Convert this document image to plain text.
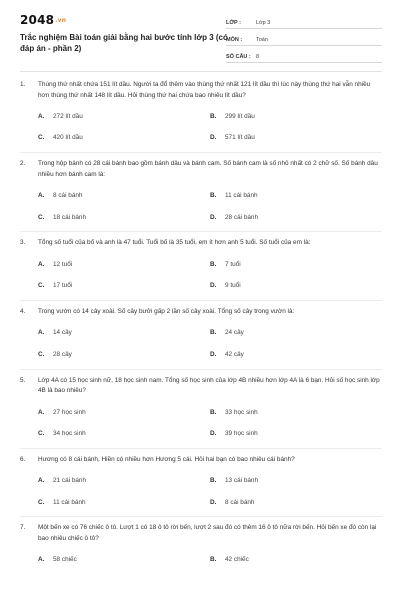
2048.vn
Trắc nghiệm Bài toán giải bằng hai bước tính lớp 3 (có đáp án - phần 2)
LỚP :	Lớp 3
MÔN :	Toán
SỐ CÂU : 8
1.	Thùng thứ nhất chứa 151 lít dầu. Người ta đổ thêm vào thùng thứ nhất 121 lít dầu thì lúc này thùng thứ hai vẫn nhiều hơn thùng thứ nhất 148 lít dầu. Hỏi thùng thứ hai chứa bao nhiêu lít dầu?
A.	272 lít dầu	B.	299 lít dầu
C.	420 lít dầu	D.	571 lít dầu
2.	Trong hộp bánh có 28 cái bánh bao gồm bánh dâu và bánh cam. Số bánh cam là số nhỏ nhất có 2 chữ số. Số bánh dâu nhiều hơn bánh cam là:
A.	8 cái bánh	B.	11 cái bánh
C.	18 cái bánh	D.	28 cái bánh
3.	Tổng số tuổi của bố và anh là 47 tuổi. Tuổi bố là 35 tuổi, em ít hơn anh 5 tuổi. Số tuổi của em là:
A.	12 tuổi	B.	7 tuổi
C.	17 tuổi	D.	9 tuổi
4.	Trong vườn có 14 cây xoài. Số cây bưởi gấp 2 lần số cây xoài. Tổng số cây trong vườn là:
A.	14 cây	B.	24 cây
C.	28 cây	D.	42 cây
5.	Lớp 4A có 15 học sinh nữ, 18 học sinh nam. Tổng số học sinh của lớp 4B nhiều hơn lớp 4A là 6 bạn. Hỏi số học sinh lớp 4B là bao nhiêu?
A.	27 học sinh	B.	33 học sinh
C.	34 học sinh	D.	39 học sinh
6.	Hương có 8 cái bánh, Hiền có nhiều hơn Hương 5 cái. Hỏi hai bạn có bao nhiêu cái bánh?
A.	21 cái bánh	B.	13 cái bánh
C.	11 cái bánh	D.	8 cái bánh
7.	Một bến xe có 76 chiếc ô tô. Lượt 1 có 18 ô tô rời bến, lượt 2 sau đó có thêm 16 ô tô nữa rời bến. Hỏi bến xe đó còn lại bao nhiêu chiếc ô tô?
A.	58 chiếc	B.	42 chiếc
